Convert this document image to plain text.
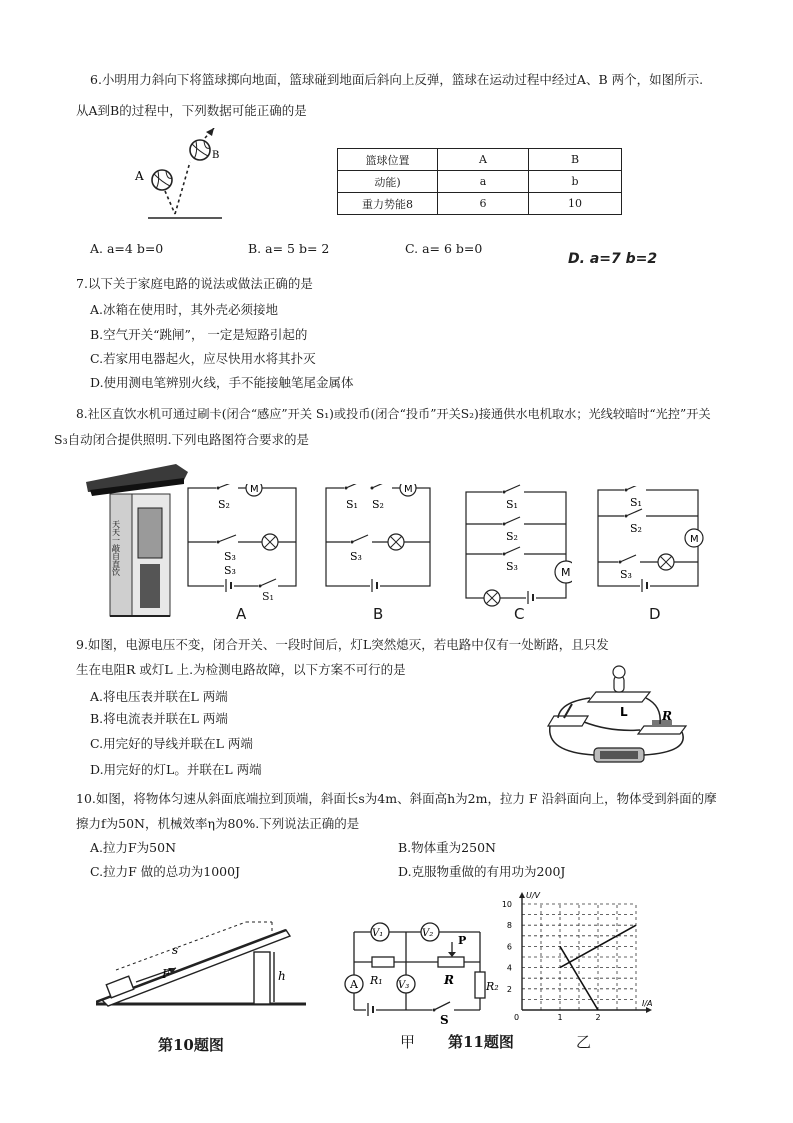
6.小明用力斜向下将篮球掷向地面，篮球碰到地面后斜向上反弹，篮球在运动过程中经过A、B 两个，如图所示.
从A到B的过程中，下列数据可能正确的是
A
B	篮球位置	A	B
动能)	a	b
重力势能8	6	10
A. a=4 b=0	B. a= 5 b= 2	C. a= 6 b=0
D. a=7 b=2
7.以下关于家庭电路的说法或做法正确的是
A.冰箱在使用时，其外壳必须接地
B.空气开关“跳闸”， 一定是短路引起的
C.若家用电器起火，应尽快用水将其扑灭
D.使用测电笔辨别火线，手不能接触笔尾金属体
8.社区直饮水机可通过刷卡(闭合“感应”开关 S₁)或投币(闭合“投币”开关S₂)接通供水电机取水；光线较暗时“光控”开关
S₃自动闭合提供照明.下列电路图符合要求的是
天天一敲自直饮
M
S₂
S₃
S₃
A
S₁
M
S₁ S₂
S₃
B
S₁
S₂
S₃	M
C
S₁
S₂
M
S₃
D
9.如图，电源电压不变，闭合开关、一段时间后，灯L突然熄灭，若电路中仅有一处断路，且只发
生在电阻R 或灯L 上.为检测电路故障，以下方案不可行的是
A.将电压表并联在L 两端
B.将电流表并联在L 两端
C.用完好的导线并联在L 两端
D.用完好的灯L。并联在L 两端
L	R
10.如图，将物体匀速从斜面底端拉到顶端，斜面长s为4m、斜面高h为2m，拉力 F 沿斜面向上，物体受到斜面的摩
擦力f为50N，机械效率η为80%.下列说法正确的是
A.拉力F为50N	B.物体重为250N
C.拉力F 做的总功为1000J	D.克服物重做的有用功为200J
s
F	h
第10题图
V₁	V₂
A	V₃
R₁	R
P
R₂
S
甲 第11题图
2
4
6
8
10
1	2
0
U/V
I/A
乙
